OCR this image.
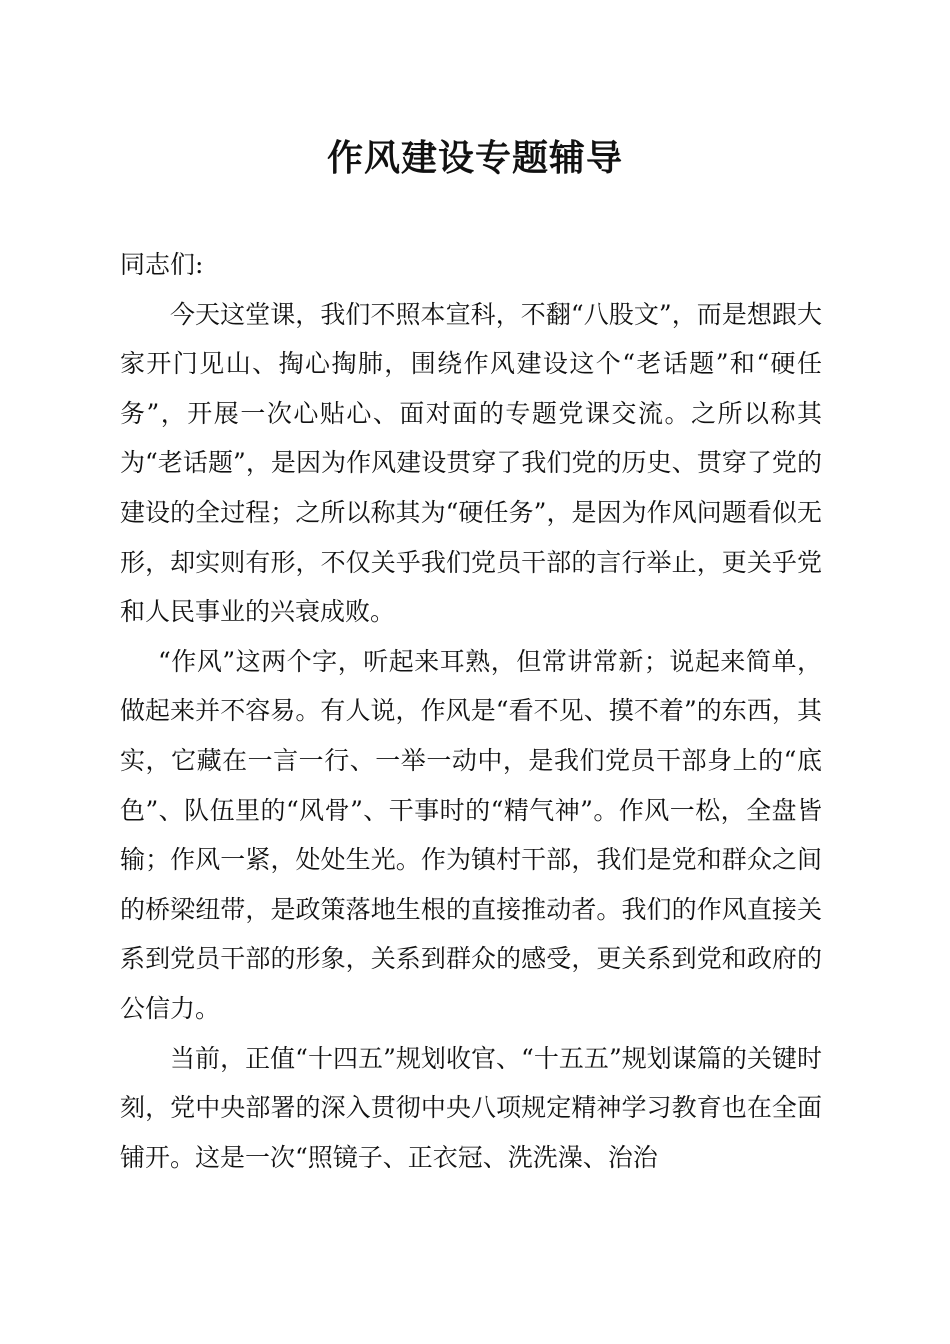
作风建设专题辅导

同志们:

今天这堂课，我们不照本宣科，不翻“八股文”，而是想跟大家开门见山、掏心掏肺，围绕作风建设这个“老话题”和“硬任务”，开展一次心贴心、面对面的专题党课交流。之所以称其为“老话题”，是因为作风建设贯穿了我们党的历史、贯穿了党的建设的全过程；之所以称其为“硬任务”，是因为作风问题看似无形，却实则有形，不仅关乎我们党员干部的言行举止，更关乎党和人民事业的兴衰成败。

“作风”这两个字，听起来耳熟，但常讲常新；说起来简单，做起来并不容易。有人说，作风是“看不见、摸不着”的东西，其实，它藏在一言一行、一举一动中，是我们党员干部身上的“底色”、队伍里的“风骨”、干事时的“精气神”。作风一松，全盘皆输；作风一紧，处处生光。作为镇村干部，我们是党和群众之间的桥梁纽带，是政策落地生根的直接推动者。我们的作风直接关系到党员干部的形象，关系到群众的感受，更关系到党和政府的公信力。

当前，正值“十四五”规划收官、“十五五”规划谋篇的关键时刻，党中央部署的深入贯彻中央八项规定精神学习教育也在全面铺开。这是一次“照镜子、正衣冠、洗洗澡、治治
